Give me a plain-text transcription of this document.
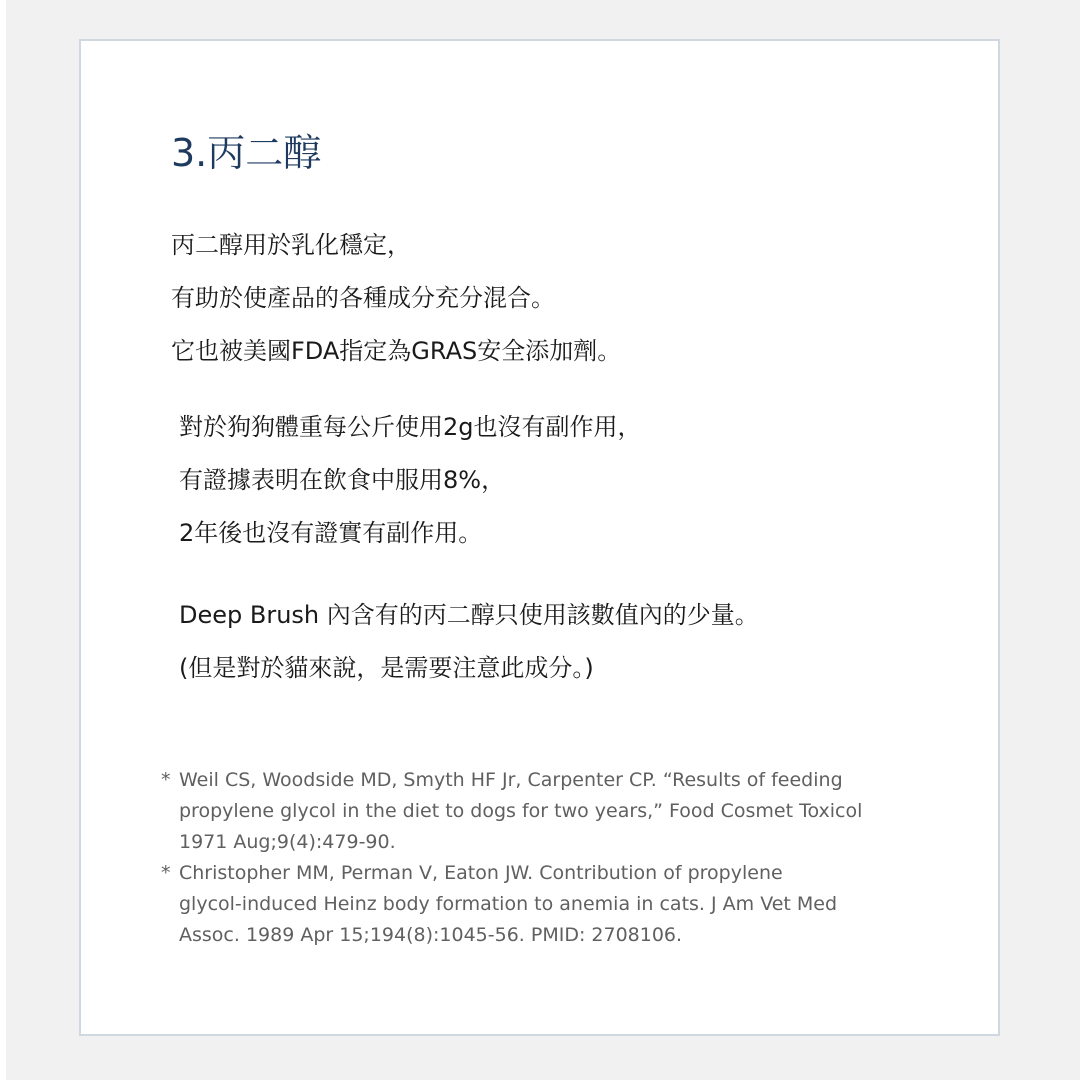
3.丙二醇
丙二醇用於乳化穩定，
有助於使產品的各種成分充分混合。
它也被美國FDA指定為GRAS安全添加劑。
對於狗狗體重每公斤使用2g也沒有副作用，
有證據表明在飲食中服用8%，
2年後也沒有證實有副作用。
Deep Brush 內含有的丙二醇只使用該數值內的少量。
(但是對於貓來說，是需要注意此成分。)
* Weil CS, Woodside MD, Smyth HF Jr, Carpenter CP. “Results of feeding
propylene glycol in the diet to dogs for two years,” Food Cosmet Toxicol
1971 Aug;9(4):479-90.
* Christopher MM, Perman V, Eaton JW. Contribution of propylene
glycol-induced Heinz body formation to anemia in cats. J Am Vet Med
Assoc. 1989 Apr 15;194(8):1045-56. PMID: 2708106.
